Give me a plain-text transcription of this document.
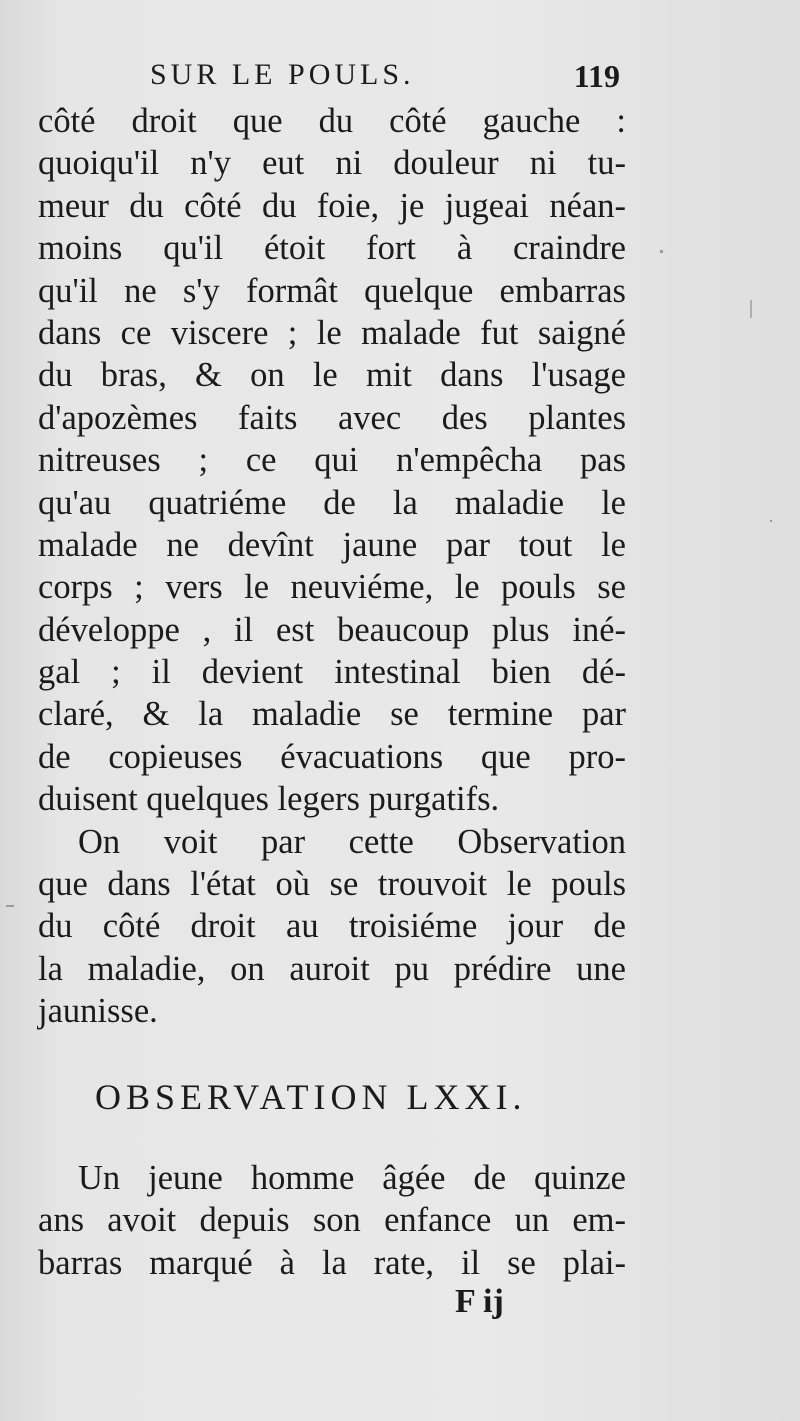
SUR LE POULS.	119
côté droit que du côté gauche :
quoiqu'il n'y eut ni douleur ni tu-
meur du côté du foie, je jugeai néan-
moins qu'il étoit fort à craindre
qu'il ne s'y formât quelque embarras
dans ce viscere ; le malade fut saigné
du bras, & on le mit dans l'usage
d'apozèmes faits avec des plantes
nitreuses ; ce qui n'empêcha pas
qu'au quatriéme de la maladie le
malade ne devînt jaune par tout le
corps ; vers le neuviéme, le pouls se
développe , il est beaucoup plus iné-
gal ; il devient intestinal bien dé-
claré, & la maladie se termine par
de copieuses évacuations que pro-
duisent quelques legers purgatifs.
On voit par cette Observation
que dans l'état où se trouvoit le pouls
du côté droit au troisiéme jour de
la maladie, on auroit pu prédire une
jaunisse.
OBSERVATION LXXI.
Un jeune homme âgée de quinze
ans avoit depuis son enfance un em-
barras marqué à la rate, il se plai-
F ij
